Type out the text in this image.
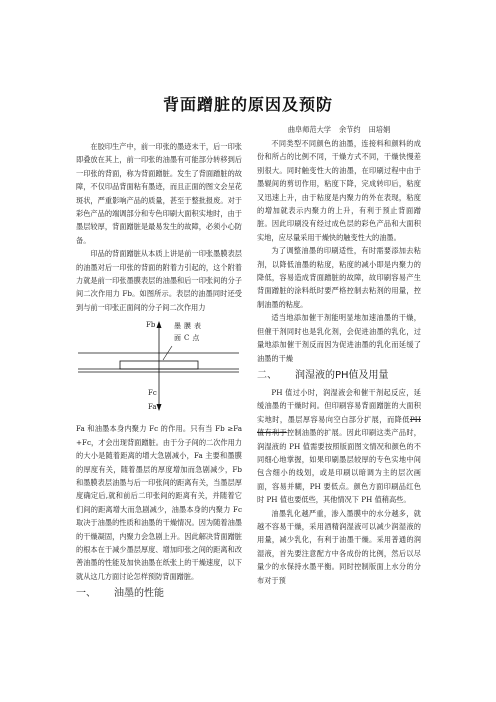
背面蹭脏的原因及预防

在胶印生产中，前一印张的墨迹未干，后一印张即叠放在其上，前一印张的油墨有可能部分转移到后一印张的背面，称为背面蹭脏。发生了背面蹭脏的故障，不仅印品背面粘有墨迹，而且正面的图文会呈花斑状，严重影响产品的质量，甚至于整批报废。对于彩色产品的端调部分和专色印刷大面积实地时，由于墨层较厚，背面蹭脏是最易发生的故障，必须小心防备。

印品的背面蹭脏从本质上讲是前一印张墨膜表层的油墨对后一印张的背面的附着力引起的，这个附着力就是前一印张墨膜表层的油墨和后一印张间的分子间二次作用力 Fb。如图所示。表层的油墨同时还受到与前一印张正面间的分子间二次作用力

Fb	墨膜表面C点
Fc
Fa

Fa 和油墨本身内聚力 Fc 的作用。只有当 Fb ≥Fa+Fc，才会出现背面蹭脏。由于分子间的二次作用力的大小是随着距离的增大急剧减小，Fa 主要和墨膜的厚度有关，随着墨层的厚度增加而急剧减少，Fb 和墨膜表层油墨与后一印张间的距离有关，当墨层厚度确定后,就和前后二印张间的距离有关，并随着它们间的距离增大而急剧减少，油墨本身的内聚力 Fc 取决于油墨的性质和油墨的干燥情况。因为随着油墨的干燥凝固，内聚力会急剧上升。因此解决背面蹭脏的根本在于减少墨层厚度、增加印张之间的距离和改善油墨的性能及加快油墨在纸张上的干燥速度，以下就从这几方面讨论怎样预防背面蹭脏。

一、 油墨的性能
曲阜师范大学 余节约 田培娟

不同类型不同颜色的油墨，连接料和颜料的成份和所占的比例不同，干燥方式不同，干燥快慢差别很大。同时触变性大的油墨，在印刷过程中由于墨辊间的剪切作用，粘度下降，完成转印后，粘度又迅速上升，由于粘度是内聚力的外在表现，粘度的增加就表示内聚力的上升，有利于预止背面蹭脏。因此印刷没有经过成色层的彩色产品和大面积实地，应尽量采用干燥快的触变性大的油墨。

为了调整油墨的印刷适性，有时需要添加去粘剂，以降低油墨的粘度，粘度的减小即是内聚力的降低，容易造成背面蹭脏的故障，故印刷容易产生背面蹭脏的涂料纸时要严格控制去粘剂的用量，控制油墨的粘度。

适当地添加催干剂能明显地加速油墨的干燥，但催干剂同时也是乳化剂，会促进油墨的乳化，过量地添加催干剂反而因为促进油墨的乳化而延缓了油墨的干燥

二、 润湿液的PH值及用量

PH 值过小时，润湿液会和催干剂起反应，延缓油墨的干燥时间。但印刷容易背面蹭脏的大面积实地时，墨层厚容易向空白部分扩展，而降低PH 值有利于控制油墨的扩展。因此印刷这类产品时，润湿液的 PH 值需要按照版面图文情况和颜色的不同细心地掌握，如果印刷墨层较厚的专色实地中间包含细小的线划，或是印刷以暗调为主的层次画面，容易并糊，PH 要低点。颜色方面印刷品红色时 PH 值也要低些，其他情况下 PH 值稍高些。

油墨乳化越严重，渗入墨膜中的水分越多，就越不容易干燥，采用酒精润湿液可以减少润湿液的用量，减少乳化，有利于油墨干燥。采用普通的润湿液，首先要注意配方中各成份的比例，然后以尽量少的水保持水墨平衡。同时控制版面上水分的分布对于预
